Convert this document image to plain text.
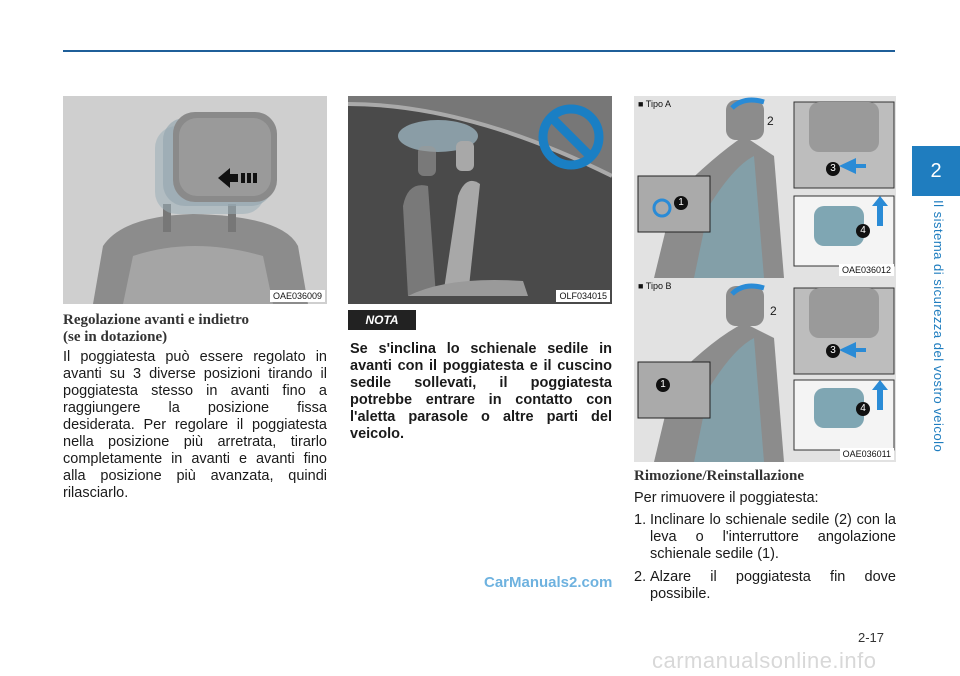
2
Il sistema di sicurezza del vostro veicolo
OAE036009	OLF034015
■ Tipo A
2
1
3
4
OAE036012
■ Tipo B
2
1
3
4
OAE036011
Regolazione avanti e indietro
(se in dotazione)
Il poggiatesta può essere regolato in avanti su 3 diverse posizioni tirando il poggiatesta stesso in avanti fino a raggiungere la posizione fissa desiderata. Per regolare il poggiatesta nella posizione più arretrata, tirarlo completamente in avanti e avanti fino alla posizione più avanzata, quindi rilasciarlo.
NOTA
Se s'inclina lo schienale sedile in avanti con il poggiatesta e il cuscino sedile sollevati, il poggiatesta potrebbe entrare in contatto con l'aletta parasole o altre parti del veicolo.
Rimozione/Reinstallazione
Per rimuovere il poggiatesta:
1. Inclinare lo schienale sedile (2) con la leva o l'interruttore angolazione schienale sedile (1).
2. Alzare il poggiatesta fin dove possibile.
CarManuals2.com
2-17
carmanualsonline.info
